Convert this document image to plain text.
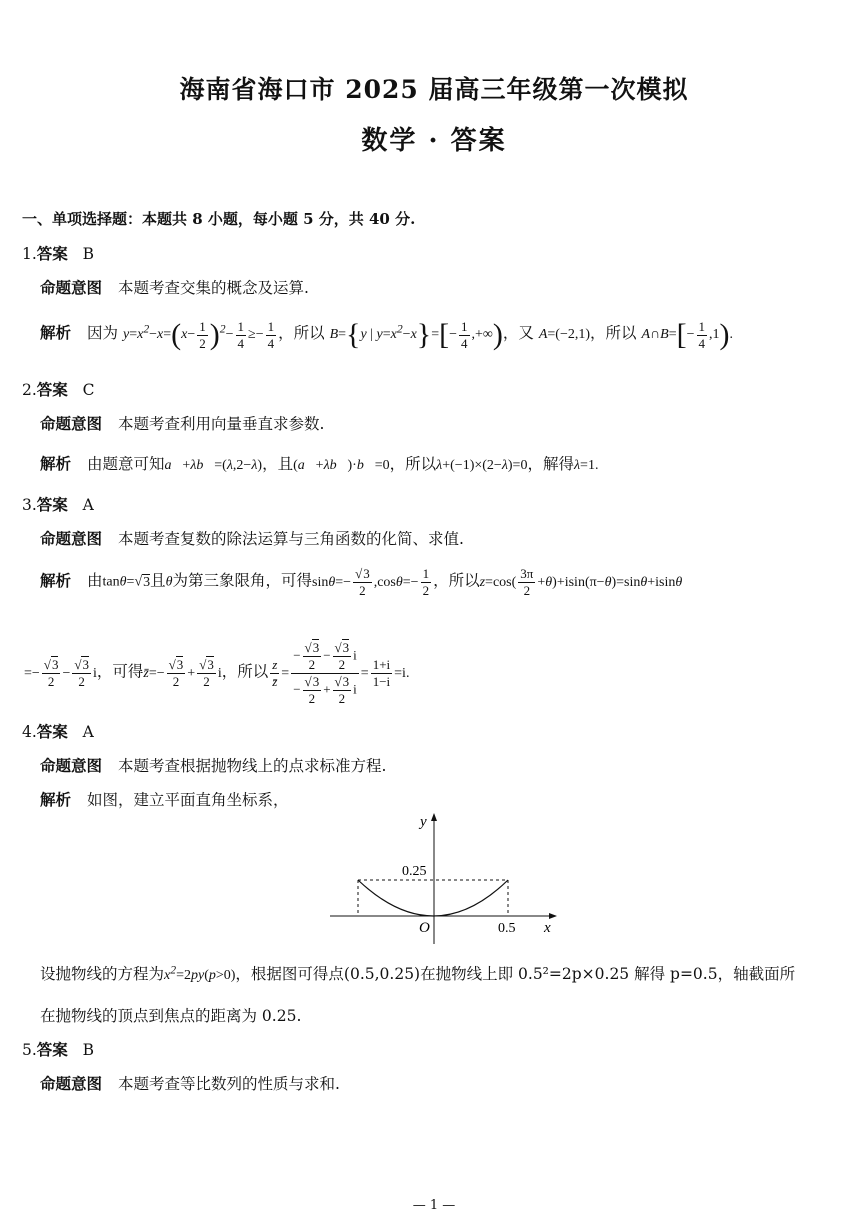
海南省海口市 2025 届高三年级第一次模拟
数学 · 答案
一、单项选择题：本题共 8 小题，每小题 5 分，共 40 分.
1.答案 B
命题意图 本题考查交集的概念及运算.
解析 因为 $y=x^2-x=(x- \frac{1}{2} )^2- \frac{1}{4} \ge- \frac{1}{4}$ ，所以 B={y | $y=x^2-x\}=[- \frac{1}{4}$ ,+∞)，又 A=(−2,1)，所以 A∩B=[− $\frac{1}{4} ,1$).
2.答案 C
命题意图 本题考查利用向量垂直求参数.
解析 由题意可知a⃗+λb⃗=(λ,2−λ)，且(a⃗+λb⃗)·b⃗=0，所以λ+(−1)×(2−λ)=0，解得λ=1.
3.答案 A
命题意图 本题考查复数的除法运算与三角函数的化简、求值.
解析 由tanθ=√3且θ为第三象限角，可得$\sin\theta=- \frac{√3}{2} ,\cos\theta=- \frac{1}{2}$ ，所以$z=\cos( \frac{3\pi}{2} +\theta)+isin(\pi-\theta)=\sin\theta+isin\theta$
=− $\frac{√3}{2} - \frac{√3}{2}$ i，可得z̄=− $\frac{√3}{2} + \frac{√3}{2}$ i，所以 $\frac{z}{z̄} = \frac{- \frac{√3}{2} - \frac{√3}{2} i}{- \frac{√3}{2} + \frac{√3}{2} i} = \frac{1+i}{1-i} =i$.
4.答案 A
命题意图 本题考查根据抛物线上的点求标准方程.
解析 如图，建立平面直角坐标系，
y
x
O	0.5
0.25
设抛物线的方程为$x^2=2py(p>0)$，根据图可得点(0.5,0.25)在抛物线上即 0.5²=2p×0.25 解得 p=0.5，轴截面所
在抛物线的顶点到焦点的距离为 0.25.
5.答案 B
命题意图 本题考查等比数列的性质与求和.
— 1 —
